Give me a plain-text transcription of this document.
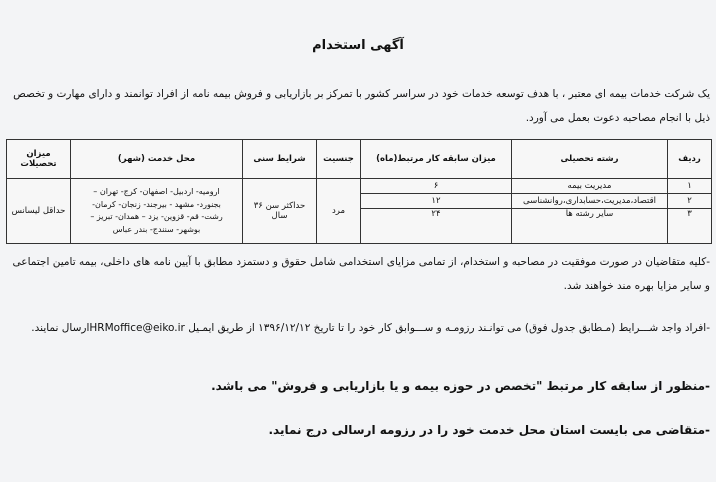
آگهی استخدام
یک شرکت خدمات بیمه ای معتبر ، با هدف توسعه خدمات خود در سراسر کشور با تمرکز بر بازاریابی و فروش بیمه نامه از افراد توانمند و دارای مهارت و تخصص ذیل با انجام مصاحبه دعوت بعمل می آورد.
ردیف	رشته تحصیلی	میزان سابقه کار مرتبط(ماه)	جنسیت	شرایط سنی	محل خدمت (شهر)	میزان تحصیلات
۱	مدیریت بیمه	۶	مرد	حداکثر سن ۳۶ سال	ارومیه- اردبیل- اصفهان- کرج- تهران –
بجنورد- مشهد - بیرجند- زنجان- کرمان-
رشت- قم- قزوین- یزد – همدان- تبریز –
بوشهر- سنندج- بندر عباس	حداقل لیسانس
۲	اقتصاد،مدیریت،حسابداری،روانشناسی	۱۲				
۳	سایر رشته ها	۲۴				
-کلیه متقاضیان در صورت موفقیت در مصاحبه و استخدام، از تمامی مزایای استخدامی شامل حقوق و دستمزد مطابق با آیین نامه های داخلی، بیمه تامین اجتماعی و سایر مزایا بهره مند خواهند شد.
-افراد واجد شـــرایط (مـطابق جدول فوق) می توانـند رزومـه و ســـوابق کار خود را تا تاریخ ۱۳۹۶/۱۲/۱۲ از طریق ایمـیل HRMoffice@eiko.irارسال نمایند.
-منظور از سابقه کار مرتبط "تخصص در حوزه بیمه و یا بازاریابی و فروش" می باشد.
-متقاضی می بایست استان محل خدمت خود را در رزومه ارسالی درج نماید.
